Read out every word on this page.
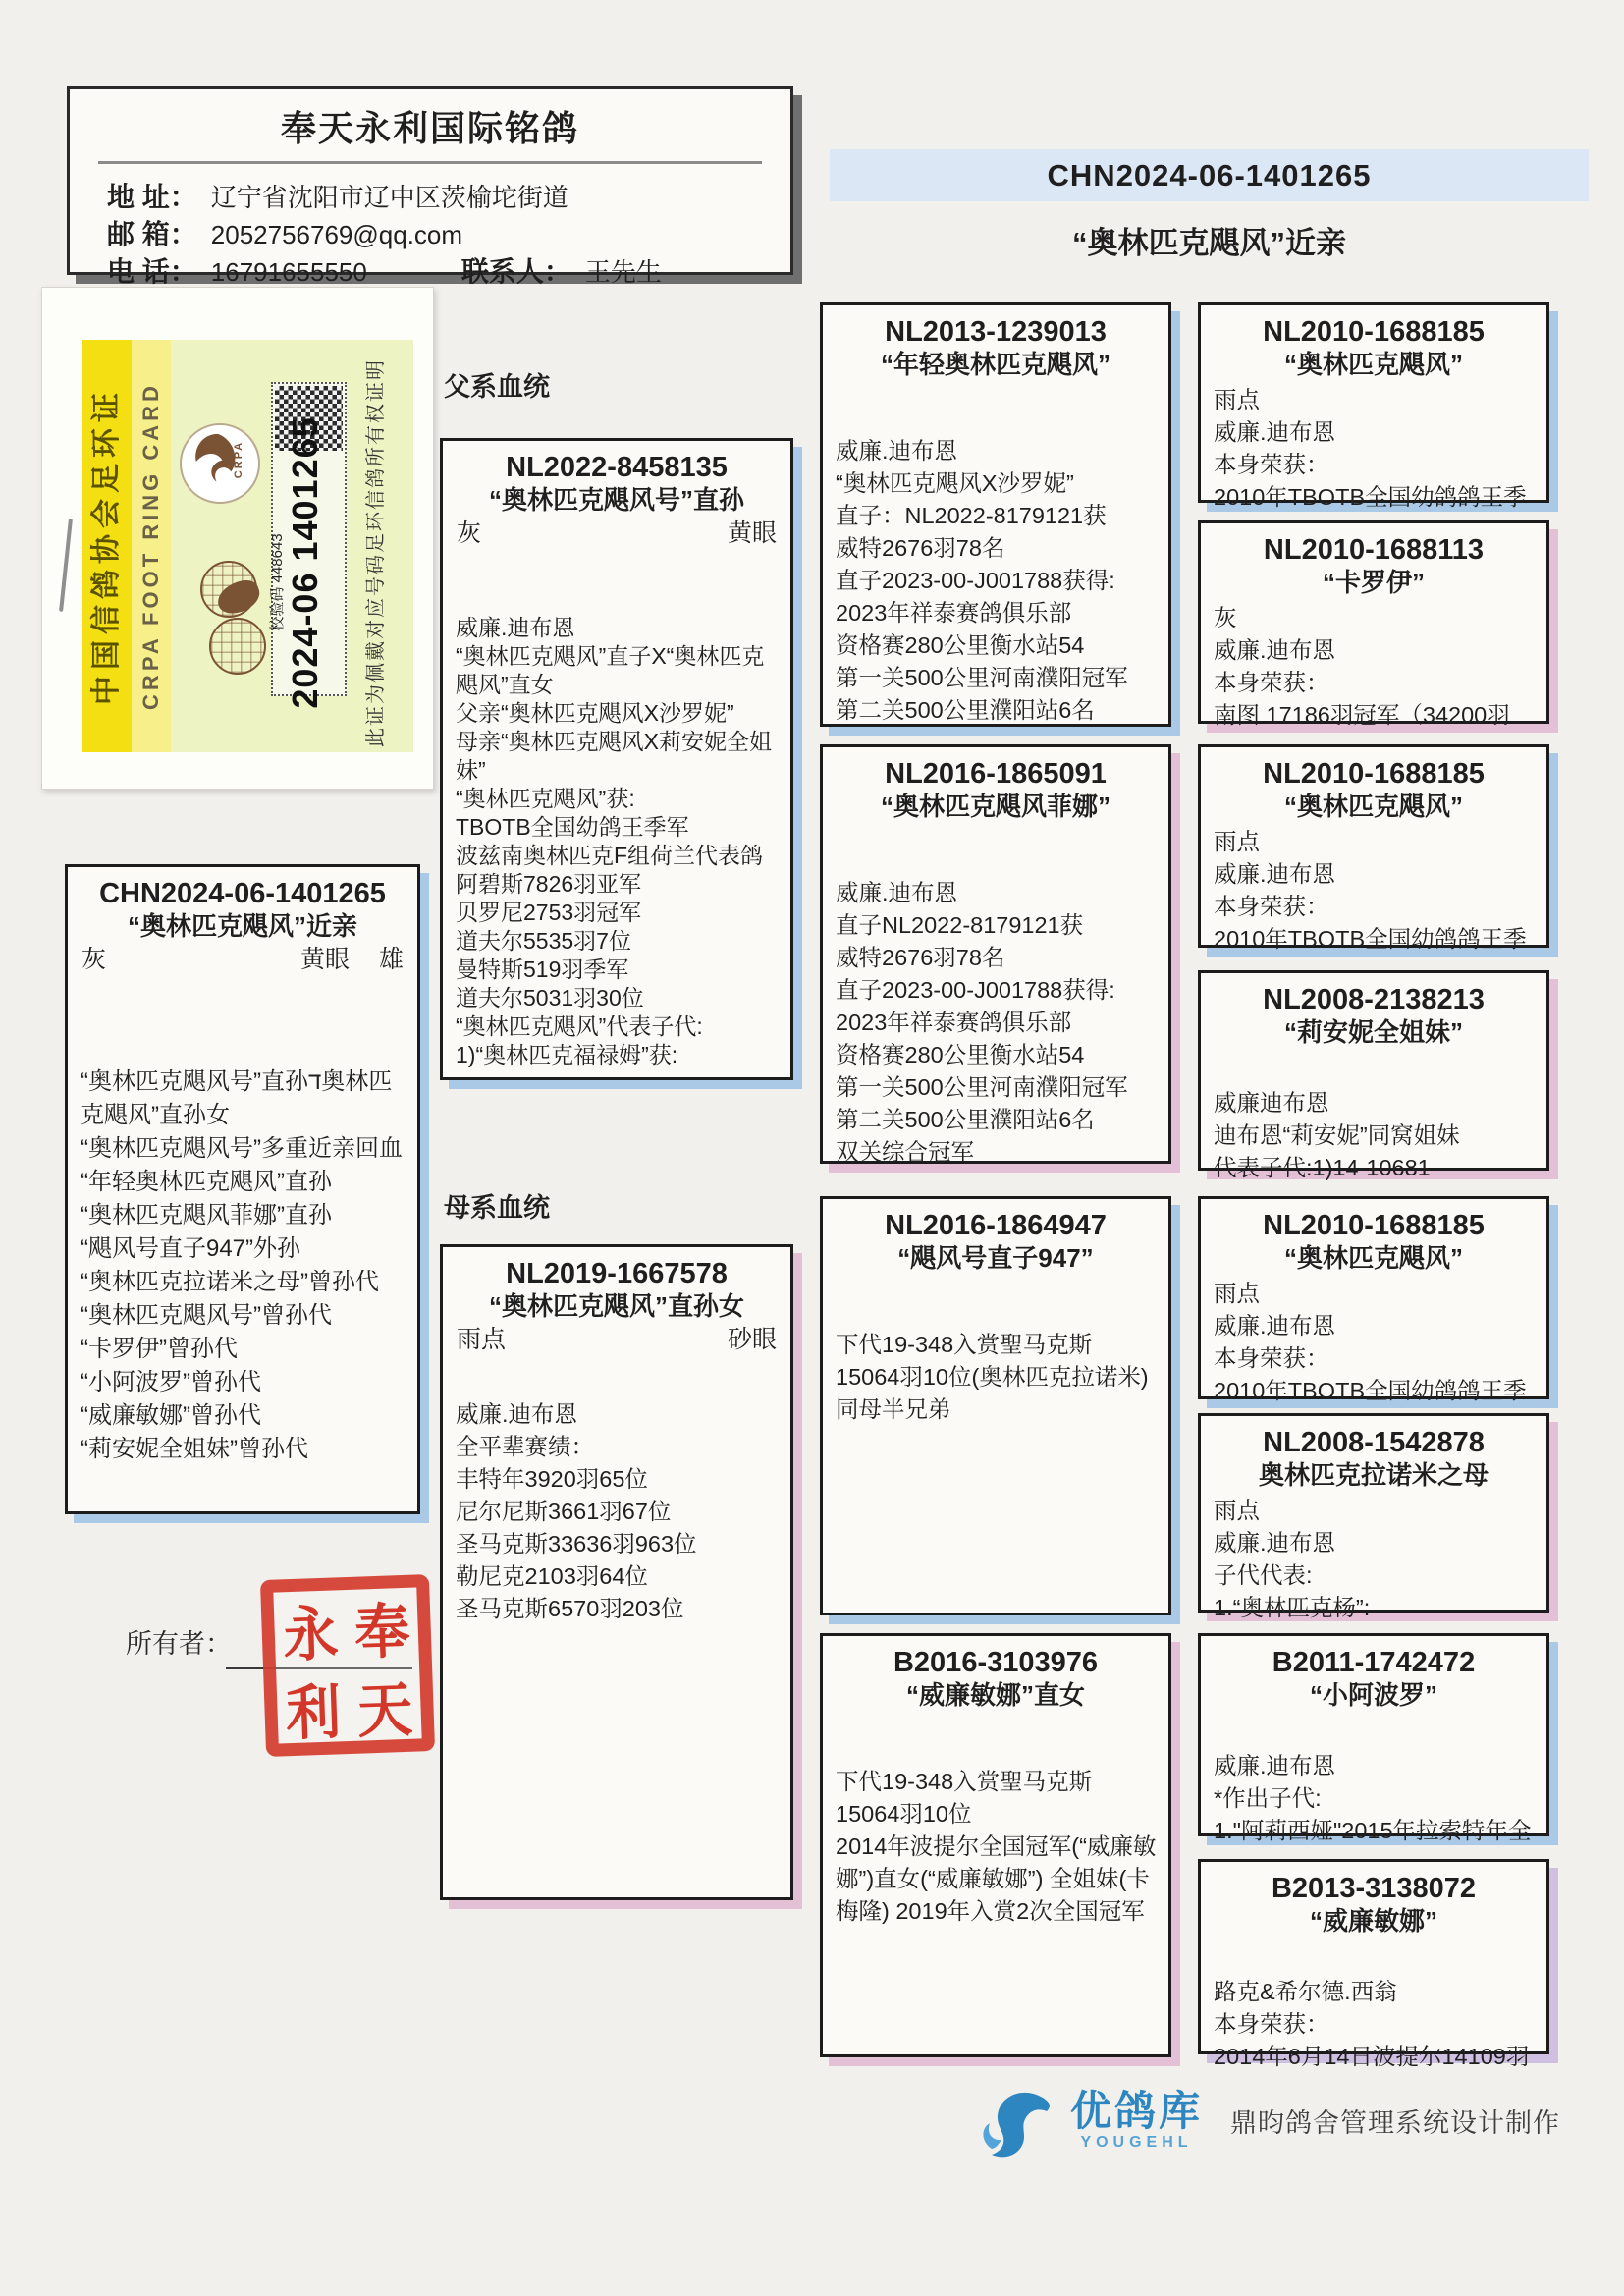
奉天永利国际铭鸽
地 址： 辽宁省沈阳市辽中区茨榆坨街道
邮 箱： 2052756769@qq.com
电 话： 16791655550	联系人： 王先生
CHN2024-06-1401265
“奥林匹克飓风”近亲
中国信鸽协会足环证 CRPA FOOT RING CARD	CRPA 2024-06 1401265
校验码 448643	此证为佩戴对应号码足环信鸽所有权证明
CHN2024-06-1401265
“奥林匹克飓风”近亲
灰	黄眼 雄
“奥林匹克飓风号”直孙ד奥林匹克飓风”直孙女
“奥林匹克飓风号”多重近亲回血
“年轻奥林匹克飓风”直孙
“奥林匹克飓风菲娜”直孙
“飓风号直子947”外孙
“奥林匹克拉诺米之母”曾孙代
“奥林匹克飓风号”曾孙代
“卡罗伊”曾孙代
“小阿波罗”曾孙代
“威廉敏娜”曾孙代
“莉安妮全姐妹”曾孙代
所有者： 永 奉
利 天
父系血统
母系血统
NL2022-8458135
“奥林匹克飓风号”直孙
灰	黄眼
威廉.迪布恩
“奥林匹克飓风”直子X“奥林匹克飓风”直女
父亲“奥林匹克飓风X沙罗妮”
母亲“奥林匹克飓风X莉安妮全姐妹”
“奥林匹克飓风”获:
TBOTB全国幼鸽王季军
波兹南奥林匹克F组荷兰代表鸽
阿碧斯7826羽亚军
贝罗尼2753羽冠军
道夫尔5535羽7位
曼特斯519羽季军
道夫尔5031羽30位
“奥林匹克飓风”代表子代:
1)“奥林匹克福禄姆”获:
NL2019-1667578
“奥林匹克飓风”直孙女
雨点	砂眼
威廉.迪布恩
全平辈赛绩：
丰特年3920羽65位
尼尔尼斯3661羽67位
圣马克斯33636羽963位
勒尼克2103羽64位
圣马克斯6570羽203位
NL2013-1239013
“年轻奥林匹克飓风”
威廉.迪布恩
“奥林匹克飓风X沙罗妮”
直子：NL2022-8179121获
威特2676羽78名
直子2023-00-J001788获得:
2023年祥泰赛鸽俱乐部
资格赛280公里衡水站54
第一关500公里河南濮阳冠军
第二关500公里濮阳站6名
NL2016-1865091
“奥林匹克飓风菲娜”
威廉.迪布恩
直子NL2022-8179121获
威特2676羽78名
直子2023-00-J001788获得:
2023年祥泰赛鸽俱乐部
资格赛280公里衡水站54
第一关500公里河南濮阳冠军
第二关500公里濮阳站6名
双关综合冠军
NL2016-1864947
“飓风号直子947”
下代19-348入赏聖马克斯
15064羽10位(奥林匹克拉诺米)
同母半兄弟
B2016-3103976
“威廉敏娜”直女
下代19-348入赏聖马克斯
15064羽10位
2014年波提尔全国冠军(“威廉敏娜”)直女(“威廉敏娜”) 全姐妹(卡梅隆) 2019年入赏2次全国冠军
NL2010-1688185
“奥林匹克飓风”
雨点
威廉.迪布恩
本身荣获：
2010年TBOTB全国幼鸽鸽王季
NL2010-1688113
“卡罗伊”
灰
威廉.迪布恩
本身荣获：
南图 17186羽冠军（34200羽
NL2010-1688185
“奥林匹克飓风”
雨点
威廉.迪布恩
本身荣获：
2010年TBOTB全国幼鸽鸽王季
NL2008-2138213
“莉安妮全姐妹”
威廉迪布恩
迪布恩“莉安妮”同窝姐妹
代表子代:1)14-10681
NL2010-1688185
“奥林匹克飓风”
雨点
威廉.迪布恩
本身荣获：
2010年TBOTB全国幼鸽鸽王季
NL2008-1542878
奥林匹克拉诺米之母
雨点
威廉.迪布恩
子代代表:
1.“奥林匹克杨”:
B2011-1742472
“小阿波罗”
威廉.迪布恩
*作出子代:
1."阿莉西娅"2015年拉索特年全
B2013-3138072
“威廉敏娜”
路克&希尔德.西翁
本身荣获：
2014年6月14日波提尔14109羽
优鸽库
YOUGEHL
鼎昀鸽舍管理系统设计制作
